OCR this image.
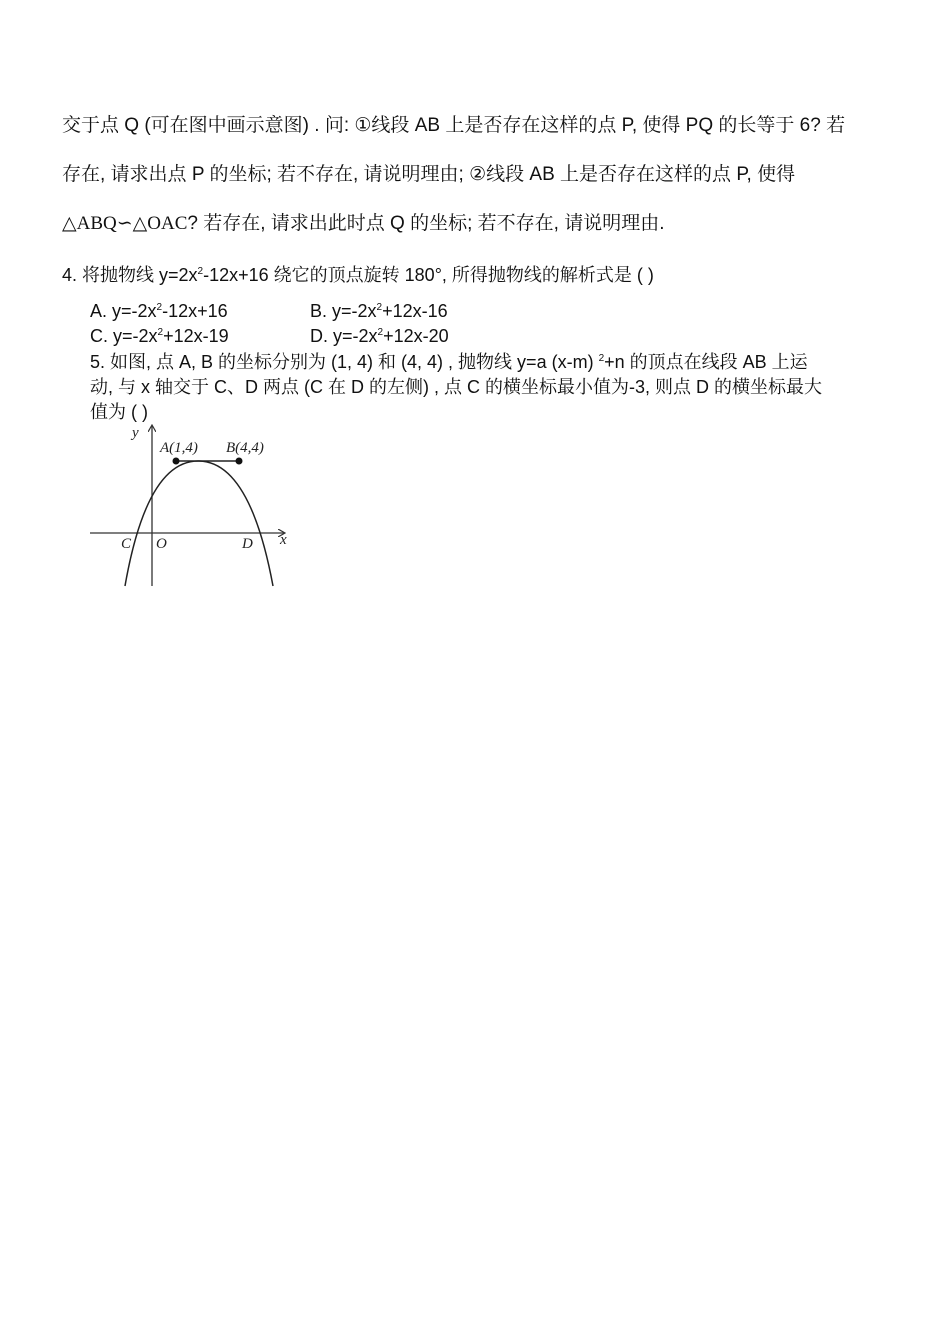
交于点 Q (可在图中画示意图) . 问: ①线段 AB 上是否存在这样的点 P, 使得 PQ 的长等于 6? 若
存在, 请求出点 P 的坐标; 若不存在, 请说明理由; ②线段 AB 上是否存在这样的点 P, 使得
△ABQ∽△OAC? 若存在, 请求出此时点 Q 的坐标; 若不存在, 请说明理由.
4. 将抛物线 $y=2x^2-12x+16$ 绕它的顶点旋转 180°, 所得抛物线的解析式是 ( )
A. $y=-2x^2-12x+16$	B. $y=-2x^2+12x-16$
C. $y=-2x^2+12x-19$	D. $y=-2x^2+12x-20$
5. 如图, 点 A, B 的坐标分别为 (1, 4) 和 (4, 4) , 抛物线 y=a (x-m) $^2$+n 的顶点在线段 AB 上运
动, 与 x 轴交于 C、D 两点 (C 在 D 的左侧) , 点 C 的横坐标最小值为-3, 则点 D 的横坐标最大
值为 ( )
y
x
A(1,4) B(4,4)
C O	D
